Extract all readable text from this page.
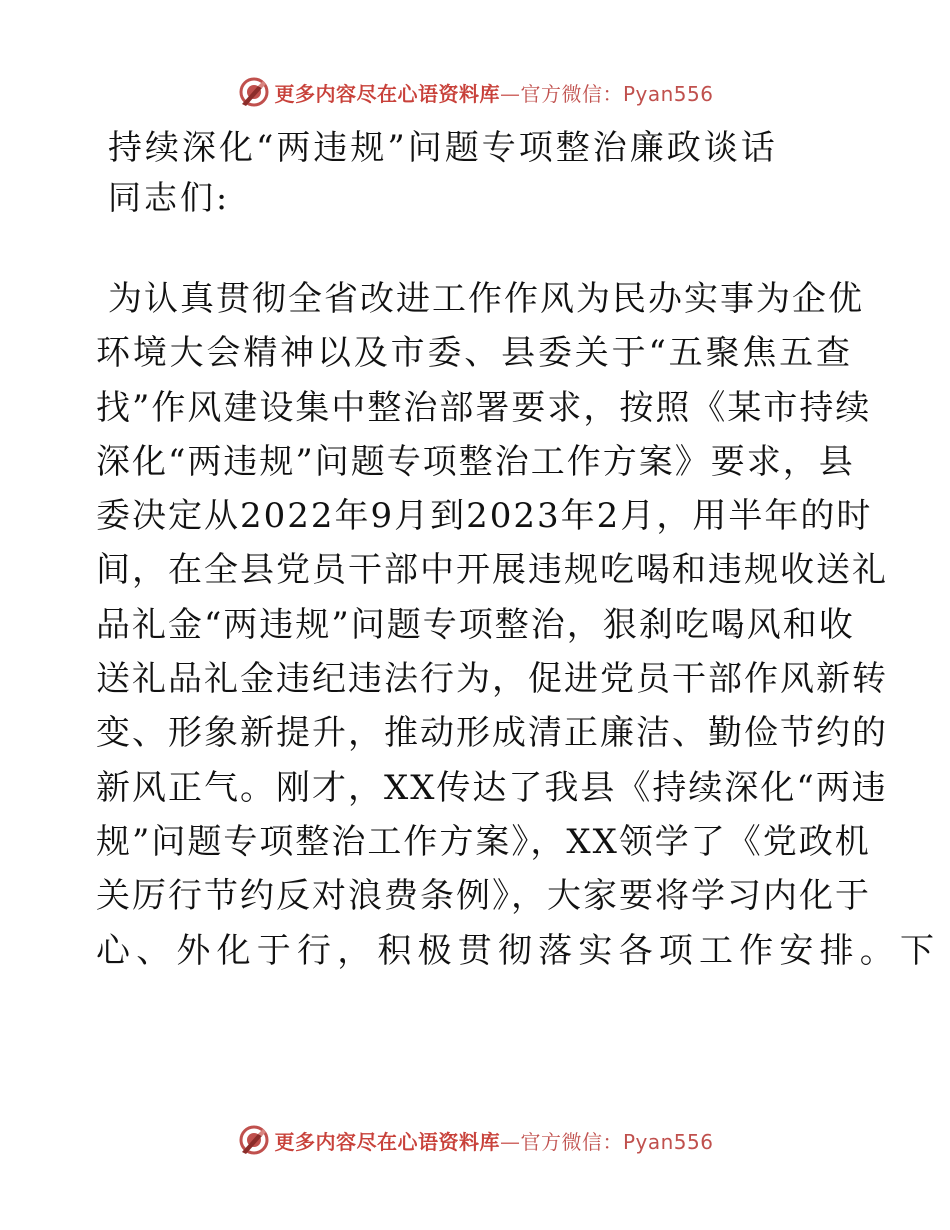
更多内容尽在心语资料库—官方微信：Pyan556
持续深化“两违规”问题专项整治廉政谈话
同志们:
为认真贯彻全省改进工作作风为民办实事为企优
环境大会精神以及市委、县委关于“五聚焦五查
找”作风建设集中整治部署要求，按照《某市持续
深化“两违规”问题专项整治工作方案》要求，县
委决定从2022年9月到2023年2月，用半年的时
间，在全县党员干部中开展违规吃喝和违规收送礼
品礼金“两违规”问题专项整治，狠刹吃喝风和收
送礼品礼金违纪违法行为，促进党员干部作风新转
变、形象新提升，推动形成清正廉洁、勤俭节约的
新风正气。刚才，XX传达了我县《持续深化“两违
规”问题专项整治工作方案》，XX领学了《党政机
关厉行节约反对浪费条例》，大家要将学习内化于
心、外化于行，积极贯彻落实各项工作安排。下
更多内容尽在心语资料库—官方微信：Pyan556
